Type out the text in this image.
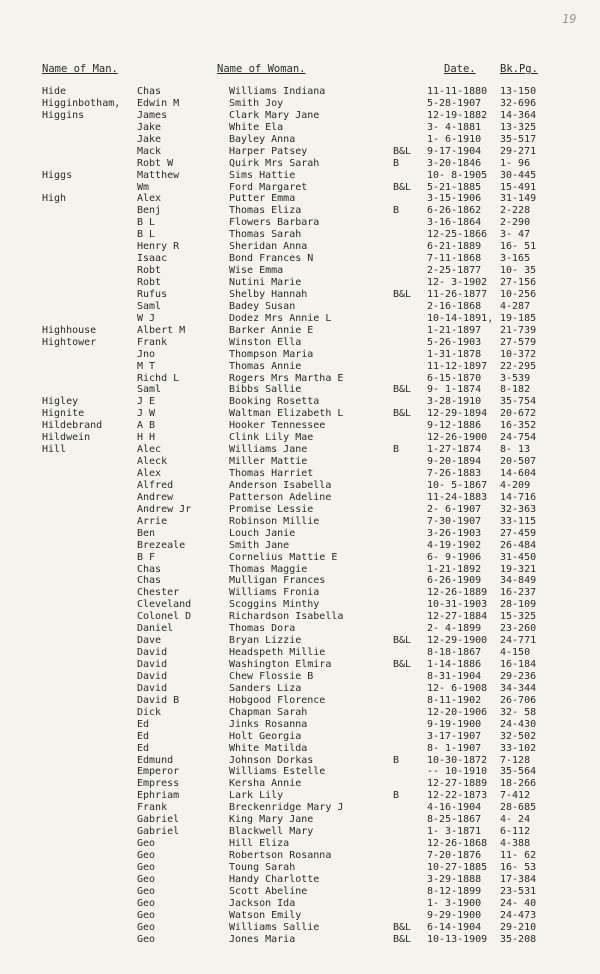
19
Name of Man.	Name of Woman.	Date. Bk.Pg.
Hide	Chas	Williams Indiana	11-11-1880 13-150
Higginbotham, Edwin M	Smith Joy	5-28-1907 32-696
Higgins	James	Clark Mary Jane	12-19-1882 14-364
Jake	White Ela	3- 4-1881 13-325
Jake	Bayley Anna	1- 6-1910 35-517
Mack	Harper Patsey	B&L 9-17-1904 29-271
Robt W	Quirk Mrs Sarah	B	3-20-1846 1- 96
Higgs	Matthew	Sims Hattie	10- 8-1905 30-445
Wm	Ford Margaret	B&L 5-21-1885 15-491
High	Alex	Putter Emma	3-15-1906 31-149
Benj	Thomas Eliza	B	6-26-1862 2-228
B L	Flowers Barbara	3-16-1864 2-290
B L	Thomas Sarah	12-25-1866 3- 47
Henry R	Sheridan Anna	6-21-1889 16- 51
Isaac	Bond Frances N	7-11-1868 3-165
Robt	Wise Emma	2-25-1877 10- 35
Robt	Nutini Marie	12- 3-1902 27-156
Rufus	Shelby Hannah	B&L 11-26-1877 10-256
Saml	Badey Susan	2-16-1868 4-287
W J	Dodez Mrs Annie L	10-14-1891, 19-185
Highhouse	Albert M	Barker Annie E	1-21-1897 21-739
Hightower	Frank	Winston Ella	5-26-1903 27-579
Jno	Thompson Maria	1-31-1878 10-372
M T	Thomas Annie	11-12-1897 22-295
Richd L	Rogers Mrs Martha E	6-15-1870 3-539
Saml	Bibbs Sallie	B&L 9- 1-1874 8-182
Higley	J E	Booking Rosetta	3-28-1910 35-754
Hignite	J W	Waltman Elizabeth L	B&L 12-29-1894 20-672
Hildebrand	A B	Hooker Tennessee	9-12-1886 16-352
Hildwein	H H	Clink Lily Mae	12-26-1900 24-754
Hill	Alec	Williams Jane	B	1-27-1874 8- 13
Aleck	Miller Mattie	9-20-1894 20-507
Alex	Thomas Harriet	7-26-1883 14-604
Alfred	Anderson Isabella	10- 5-1867 4-209
Andrew	Patterson Adeline	11-24-1883 14-716
Andrew Jr	Promise Lessie	2- 6-1907 32-363
Arrie	Robinson Millie	7-30-1907 33-115
Ben	Louch Janie	3-26-1903 27-459
Brezeale	Smith Jane	4-19-1902 26-484
B F	Cornelius Mattie E	6- 9-1906 31-450
Chas	Thomas Maggie	1-21-1892 19-321
Chas	Mulligan Frances	6-26-1909 34-849
Chester	Williams Fronia	12-26-1889 16-237
Cleveland	Scoggins Minthy	10-31-1903 28-109
Colonel D	Richardson Isabella	12-27-1884 15-325
Daniel	Thomas Dora	2- 4-1899 23-260
Dave	Bryan Lizzie	B&L 12-29-1900 24-771
David	Headspeth Millie	8-18-1867 4-150
David	Washington Elmira	B&L 1-14-1886 16-184
David	Chew Flossie B	8-31-1904 29-236
David	Sanders Liza	12- 6-1908 34-344
David B	Hobgood Florence	8-11-1902 26-706
Dick	Chapman Sarah	12-20-1906 32- 58
Ed	Jinks Rosanna	9-19-1900 24-430
Ed	Holt Georgia	3-17-1907 32-502
Ed	White Matilda	8- 1-1907 33-102
Edmund	Johnson Dorkas	B	10-30-1872 7-128
Emperor	Williams Estelle	-- 10-1910 35-564
Empress	Kersha Annie	12-27-1889 18-266
Ephriam	Lark Lily	B	12-22-1873 7-412
Frank	Breckenridge Mary J	4-16-1904 28-685
Gabriel	King Mary Jane	8-25-1867 4- 24
Gabriel	Blackwell Mary	1- 3-1871 6-112
Geo	Hill Eliza	12-26-1868 4-388
Geo	Robertson Rosanna	7-20-1876 11- 62
Geo	Toung Sarah	10-27-1885 16- 53
Geo	Handy Charlotte	3-29-1888 17-384
Geo	Scott Abeline	8-12-1899 23-531
Geo	Jackson Ida	1- 3-1900 24- 40
Geo	Watson Emily	9-29-1900 24-473
Geo	Williams Sallie	B&L 6-14-1904 29-210
Geo	Jones Maria	B&L 10-13-1909 35-208
